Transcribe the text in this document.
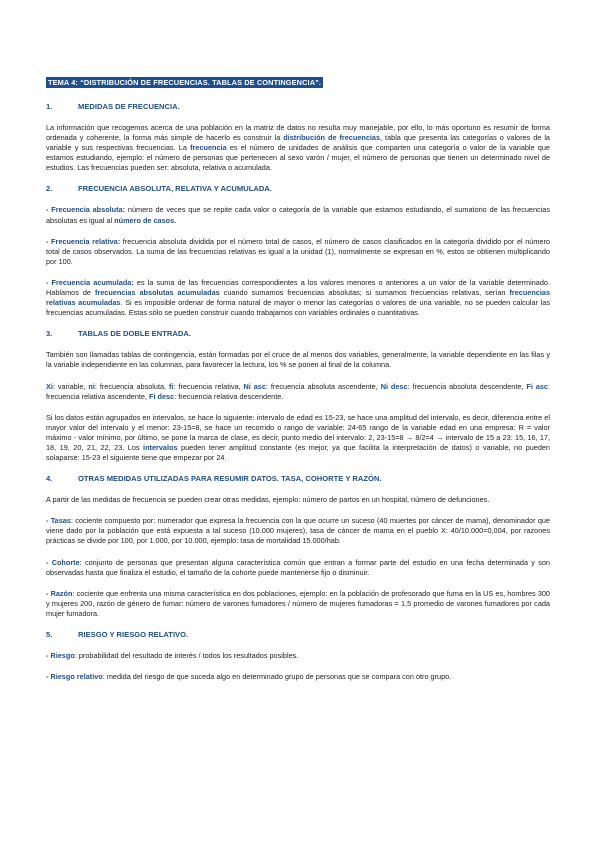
TEMA 4: “DISTRIBUCIÓN DE FRECUENCIAS. TABLAS DE CONTINGENCIA”.
1.	MEDIDAS DE FRECUENCIA.

La información que recogemos acerca de una población en la matriz de datos no resulta muy manejable, por ello, lo más oportuno es resumir de forma ordenada y coherente, la forma más simple de hacerlo es construir la distribución de frecuencias, tabla que presenta las categorías o valores de la variable y sus respectivas frecuencias. La frecuencia es el número de unidades de análisis que comparten una categoría o valor de la variable que estamos estudiando, ejemplo: el número de personas que pertenecen al sexo varón / mujer, el número de personas que tienen un determinado nivel de estudios. Las frecuencias pueden ser: absoluta, relativa o acumulada.

2.	FRECUENCIA ABSOLUTA, RELATIVA Y ACUMULADA.

- Frecuencia absoluta: número de veces que se repite cada valor o categoría de la variable que estamos estudiando, el sumatorio de las frecuencias absolutas es igual al número de casos.

- Frecuencia relativa: frecuencia absoluta dividida por el número total de casos, el número de casos clasificados en la categoría dividido por el número total de casos observados. La suma de las frecuencias relativas es igual a la unidad (1), normalmente se expresan en %, estos se obtienen multiplicando por 100.

- Frecuencia acumulada: es la suma de las frecuencias correspondientes a los valores menores o anteriores a un valor de la variable determinado. Hablamos de frecuencias absolutas acumuladas cuando sumamos frecuencias absolutas; si sumamos frecuencias relativas, serían frecuencias relativas acumuladas. Si es imposible ordenar de forma natural de mayor o menor las categorías o valores de una variable, no se pueden calcular las frecuencias acumuladas. Estas sólo se pueden construir cuando trabajamos con variables ordinales o cuantitativas.

3.	TABLAS DE DOBLE ENTRADA.

También son llamadas tablas de contingencia, están formadas por el cruce de al menos dos variables, generalmente, la variable dependiente en las filas y la variable independiente en las columnas, para favorecer la lectura, los % se ponen al final de la columna.

Xi: variable, ni: frecuencia absoluta, fi: frecuencia relativa, Ni asc: frecuencia absoluta ascendente, Ni desc: frecuencia absoluta descendente, Fi asc: frecuencia relativa ascendente, Fi desc: frecuencia relativa descendente.

Si los datos están agrupados en intervalos, se hace lo siguiente: intervalo de edad es 15-23, se hace una amplitud del intervalo, es decir, diferencia entre el mayor valor del intervalo y el menor: 23-15=8, se hace un recorrido o rango de variable: 24-65 rango de la variable edad en una empresa: R = valor máximo - valor mínimo, por último, se pone la marca de clase, es decir, punto medio del intervalo: 2, 23-15=8 → 8/2=4 → intervalo de 15 a 23: 15, 16, 17, 18, 19, 20, 21, 22, 23. Los intervalos pueden tener amplitud constante (es mejor, ya que facilita la interpretación de datos) o variable, no pueden solaparse: 15-23 el siguiente tiene que empezar por 24.

4.	OTRAS MEDIDAS UTILIZADAS PARA RESUMIR DATOS. TASA, COHORTE Y RAZÓN.

A partir de las medidas de frecuencia se pueden crear otras medidas, ejemplo: número de partos en un hospital, número de defunciones.

- Tasas: cociente compuesto por: numerador que expresa la frecuencia con la que ocurre un suceso (40 muertes por cáncer de mama), denominador que viene dado por la población que está expuesta a tal suceso (10.000 mujeres), tasa de cáncer de mama en el pueblo X: 40/10.000=0,004, por razones prácticas se divide por 100, por 1.000, por 10.000, ejemplo: tasa de mortalidad 15.000/hab.

- Cohorte: conjunto de personas que presentan alguna característica común que entran a formar parte del estudio en una fecha determinada y son observadas hasta que finaliza el estudio, el tamaño de la cohorte puede mantenerse fijo o disminuir.

- Razón: cociente que enfrenta una misma característica en dos poblaciones, ejemplo: en la población de profesorado que fuma en la US es, hombres 300 y mujeres 200, razón de género de fumar: número de varones fumadores / número de mujeres fumadoras = 1,5 promedio de varones fumadores por cada mujer fumadora.

5.	RIESGO Y RIESGO RELATIVO.

- Riesgo: probabilidad del resultado de interés / todos los resultados posibles.

- Riesgo relativo: medida del riesgo de que suceda algo en determinado grupo de personas que se compara con otro grupo.
